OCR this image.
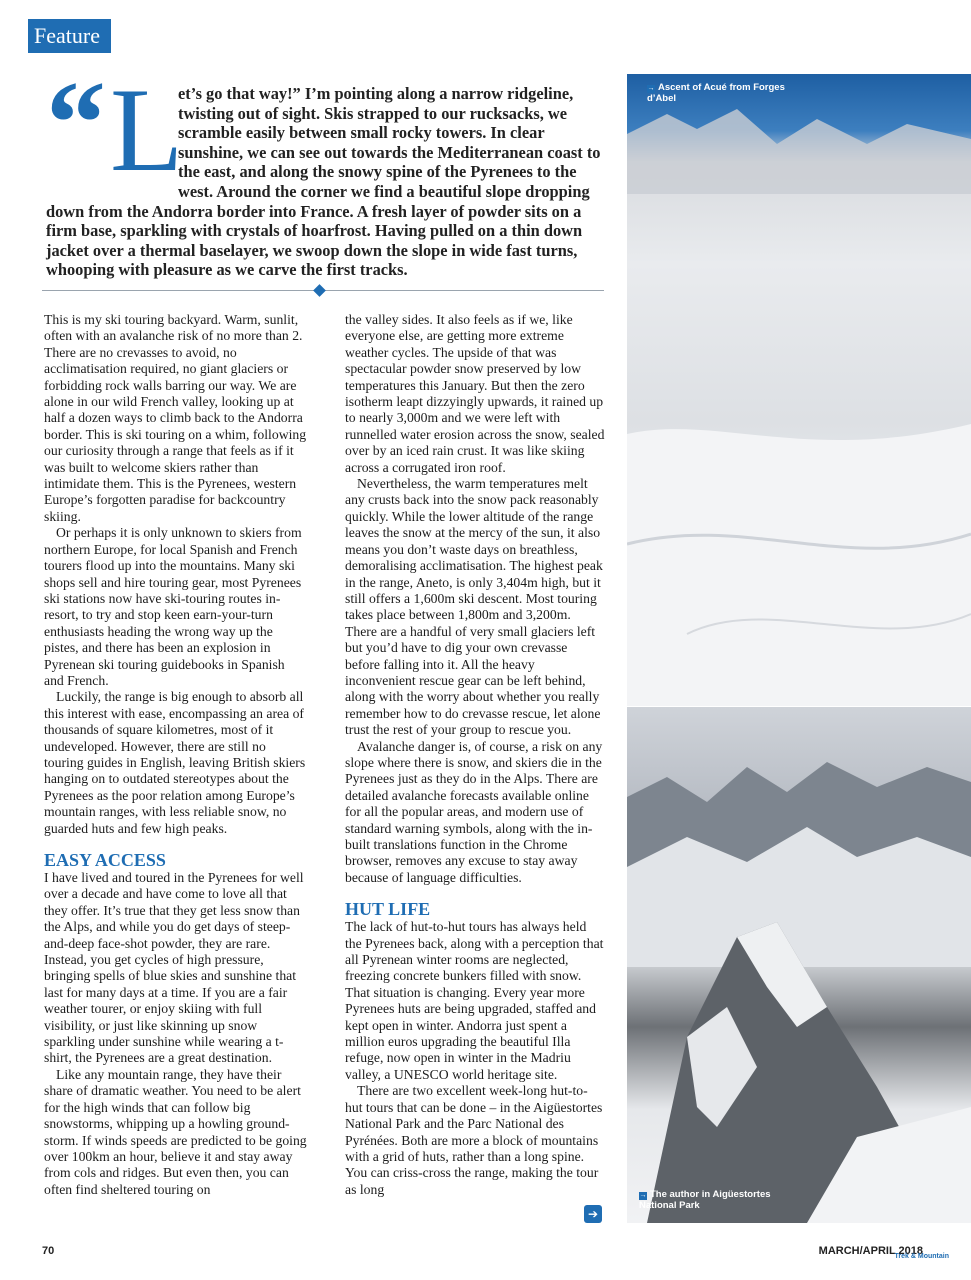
Feature
“ L
et’s go that way!” I’m pointing along a narrow ridgeline, twisting out of sight. Skis strapped to our rucksacks, we scramble easily between small rocky towers. In clear sunshine, we can see out towards the Mediterranean coast to the east, and along the snowy spine of the Pyrenees to the west. Around the corner we find a beautiful slope dropping down from the Andorra border into France. A fresh layer of powder sits on a firm base, sparkling with crystals of hoarfrost. Having pulled on a thin down jacket over a thermal baselayer, we swoop down the slope in wide fast turns, whooping with pleasure as we carve the first tracks.

This is my ski touring backyard. Warm, sunlit, often with an avalanche risk of no more than 2. There are no crevasses to avoid, no acclimatisation required, no giant glaciers or forbidding rock walls barring our way. We are alone in our wild French valley, looking up at half a dozen ways to climb back to the Andorra border. This is ski touring on a whim, following our curiosity through a range that feels as if it was built to welcome skiers rather than intimidate them. This is the Pyrenees, western Europe’s forgotten paradise for backcountry skiing.

Or perhaps it is only unknown to skiers from northern Europe, for local Spanish and French tourers flood up into the mountains. Many ski shops sell and hire touring gear, most Pyrenees ski stations now have ski-touring routes in-resort, to try and stop keen earn-your-turn enthusiasts heading the wrong way up the pistes, and there has been an explosion in Pyrenean ski touring guidebooks in Spanish and French.

Luckily, the range is big enough to absorb all this interest with ease, encompassing an area of thousands of square kilometres, most of it undeveloped. However, there are still no touring guides in English, leaving British skiers hanging on to outdated stereotypes about the Pyrenees as the poor relation among Europe’s mountain ranges, with less reliable snow, no guarded huts and few high peaks.

EASY ACCESS

I have lived and toured in the Pyrenees for well over a decade and have come to love all that they offer. It’s true that they get less snow than the Alps, and while you do get days of steep-and-deep face-shot powder, they are rare. Instead, you get cycles of high pressure, bringing spells of blue skies and sunshine that last for many days at a time. If you are a fair weather tourer, or enjoy skiing with full visibility, or just like skinning up snow sparkling under sunshine while wearing a t-shirt, the Pyrenees are a great destination.

Like any mountain range, they have their share of dramatic weather. You need to be alert for the high winds that can follow big snowstorms, whipping up a howling ground-storm. If winds speeds are predicted to be going over 100km an hour, believe it and stay away from cols and ridges. But even then, you can often find sheltered touring on

the valley sides. It also feels as if we, like everyone else, are getting more extreme weather cycles. The upside of that was spectacular powder snow preserved by low temperatures this January. But then the zero isotherm leapt dizzyingly upwards, it rained up to nearly 3,000m and we were left with runnelled water erosion across the snow, sealed over by an iced rain crust. It was like skiing across a corrugated iron roof.

Nevertheless, the warm temperatures melt any crusts back into the snow pack reasonably quickly. While the lower altitude of the range leaves the snow at the mercy of the sun, it also means you don’t waste days on breathless, demoralising acclimatisation. The highest peak in the range, Aneto, is only 3,404m high, but it still offers a 1,600m ski descent. Most touring takes place between 1,800m and 3,200m. There are a handful of very small glaciers left but you’d have to dig your own crevasse before falling into it. All the heavy inconvenient rescue gear can be left behind, along with the worry about whether you really remember how to do crevasse rescue, let alone trust the rest of your group to rescue you.

Avalanche danger is, of course, a risk on any slope where there is snow, and skiers die in the Pyrenees just as they do in the Alps. There are detailed avalanche forecasts available online for all the popular areas, and modern use of standard warning symbols, along with the in-built translations function in the Chrome browser, removes any excuse to stay away because of language difficulties.

HUT LIFE

The lack of hut-to-hut tours has always held the Pyrenees back, along with a perception that all Pyrenean winter rooms are neglected, freezing concrete bunkers filled with snow. That situation is changing. Every year more Pyrenees huts are being upgraded, staffed and kept open in winter. Andorra just spent a million euros upgrading the beautiful Illa refuge, now open in winter in the Madriu valley, a UNESCO world heritage site.

There are two excellent week-long hut-to-hut tours that can be done – in the Aigüestortes National Park and the Parc National des Pyrénées. Both are more a block of mountains with a grid of huts, rather than a long spine. You can criss-cross the range, making the tour as long

➔
→ Ascent of Acué from Forges d’Abel
→ The author in Aigüestortes National Park
70	MARCH/APRIL 2018
Trek & Mountain
